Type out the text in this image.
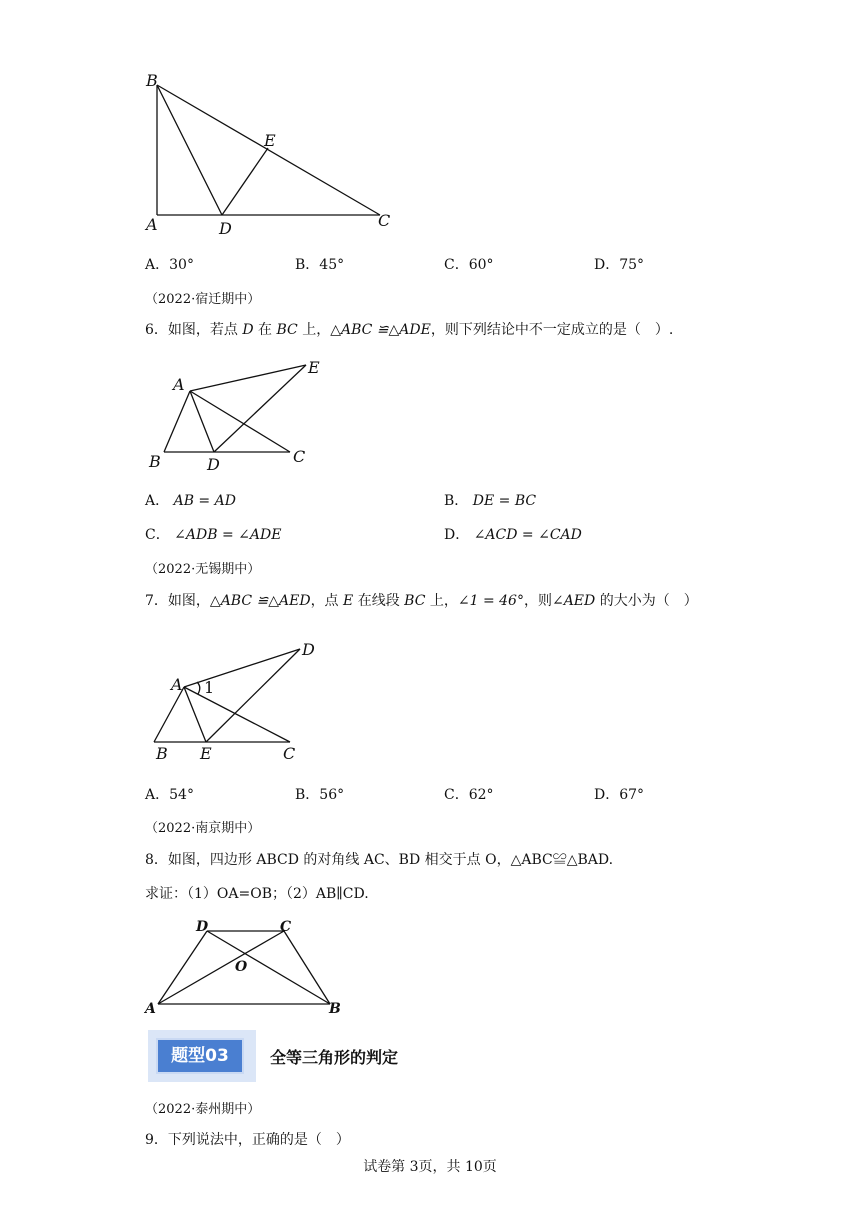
B
E
A	D	C
A．30°	B．45°	C．60°	D．75°
（2022·宿迁期中）
6．如图，若点 D 在 BC 上，△ABC ≌△ADE，则下列结论中不一定成立的是（　）.
A
E
B	D	C
A． AB = AD	B． DE = BC
C． ∠ADB = ∠ADE	D． ∠ACD = ∠CAD
（2022·无锡期中）
7．如图，△ABC ≌△AED，点 E 在线段 BC 上，∠1 = 46°，则∠AED 的大小为（　）
D
A 1
B E	C
A．54°	B．56°	C．62°	D．67°
（2022·南京期中）
8．如图，四边形 ABCD 的对角线 AC、BD 相交于点 O，△ABC≌△BAD.
求证：（1）OA=OB；（2）AB∥CD.
D	C
O
A	B
题型03	全等三角形的判定
（2022·泰州期中）
9．下列说法中，正确的是（　）
试卷第 3页，共 10页
